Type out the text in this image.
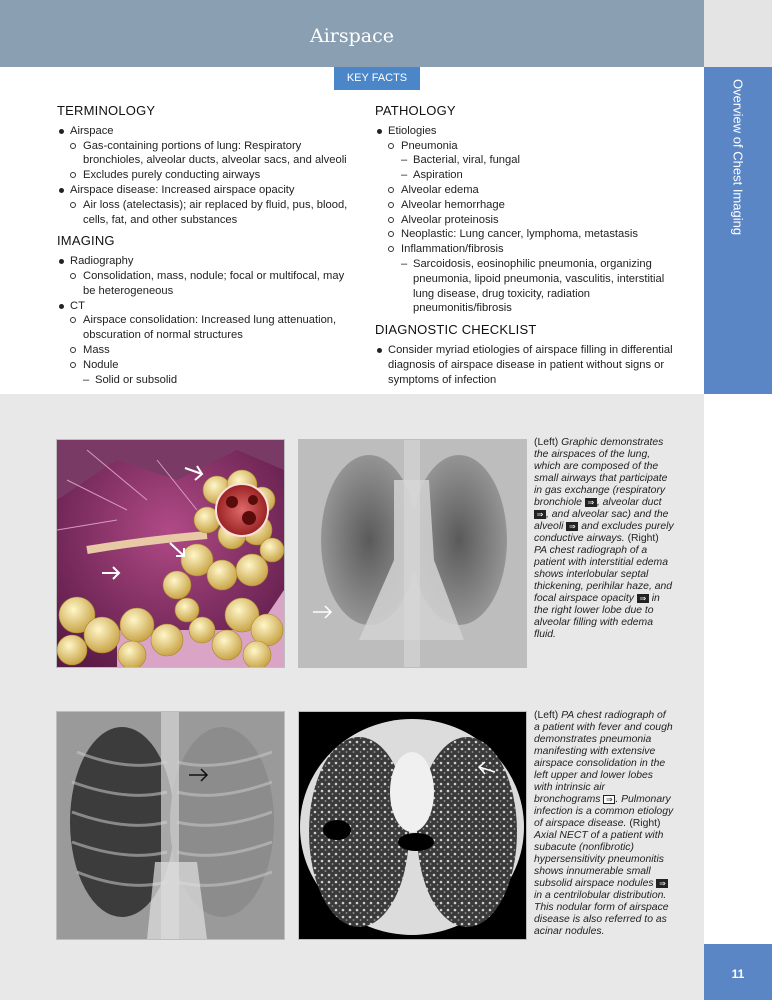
Airspace
Overview of Chest Imaging
KEY FACTS
TERMINOLOGY
Airspace
Gas-containing portions of lung: Respiratory bronchioles, alveolar ducts, alveolar sacs, and alveoli
Excludes purely conducting airways
Airspace disease: Increased airspace opacity
Air loss (atelectasis); air replaced by fluid, pus, blood, cells, fat, and other substances
IMAGING
Radiography
Consolidation, mass, nodule; focal or multifocal, may be heterogeneous
CT
Airspace consolidation: Increased lung attenuation, obscuration of normal structures
Mass
Nodule
– Solid or subsolid
PATHOLOGY
Etiologies
Pneumonia
– Bacterial, viral, fungal
– Aspiration
Alveolar edema
Alveolar hemorrhage
Alveolar proteinosis
Neoplastic: Lung cancer, lymphoma, metastasis
Inflammation/fibrosis
– Sarcoidosis, eosinophilic pneumonia, organizing pneumonia, lipoid pneumonia, vasculitis, interstitial lung disease, drug toxicity, radiation pneumonitis/fibrosis
DIAGNOSTIC CHECKLIST
Consider myriad etiologies of airspace filling in differential diagnosis of airspace disease in patient without signs or symptoms of infection
(Left) Graphic demonstrates the airspaces of the lung, which are composed of the small airways that participate in gas exchange (respiratory bronchiole ⇒ , alveolar duct ⇒ , and alveolar sac) and the alveoli ⇒ and excludes purely conductive airways. (Right) PA chest radiograph of a patient with interstitial edema shows interlobular septal thickening, perihilar haze, and focal airspace opacity ⇒ in the right lower lobe due to alveolar filling with edema fluid.
(Left) PA chest radiograph of a patient with fever and cough demonstrates pneumonia manifesting with extensive airspace consolidation in the left upper and lower lobes with intrinsic air bronchograms ⇒ . Pulmonary infection is a common etiology of airspace disease. (Right) Axial NECT of a patient with subacute (nonfibrotic) hypersensitivity pneumonitis shows innumerable small subsolid airspace nodules ⇒ in a centrilobular distribution. This nodular form of airspace disease is also referred to as acinar nodules.
11
